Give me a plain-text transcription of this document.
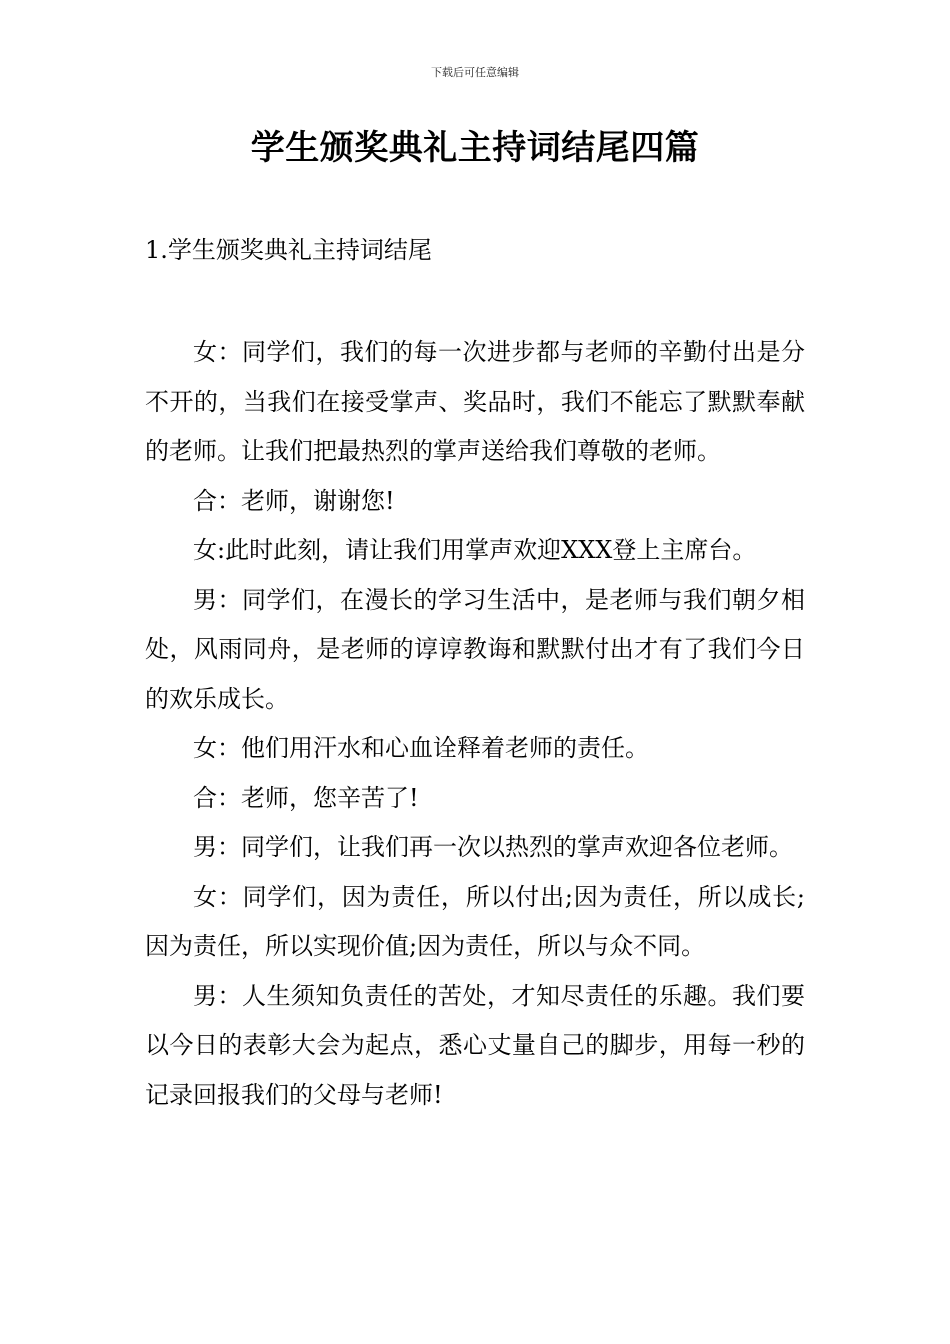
下载后可任意编辑
学生颁奖典礼主持词结尾四篇
1.学生颁奖典礼主持词结尾

女：同学们，我们的每一次进步都与老师的辛勤付出是分不开的，当我们在接受掌声、奖品时，我们不能忘了默默奉献的老师。让我们把最热烈的掌声送给我们尊敬的老师。

合：老师，谢谢您!

女:此时此刻，请让我们用掌声欢迎XXX登上主席台。

男：同学们，在漫长的学习生活中，是老师与我们朝夕相处，风雨同舟，是老师的谆谆教诲和默默付出才有了我们今日的欢乐成长。

女：他们用汗水和心血诠释着老师的责任。

合：老师，您辛苦了!

男：同学们，让我们再一次以热烈的掌声欢迎各位老师。

女：同学们，因为责任，所以付出;因为责任，所以成长;因为责任，所以实现价值;因为责任，所以与众不同。

男：人生须知负责任的苦处，才知尽责任的乐趣。我们要以今日的表彰大会为起点，悉心丈量自己的脚步，用每一秒的记录回报我们的父母与老师!
